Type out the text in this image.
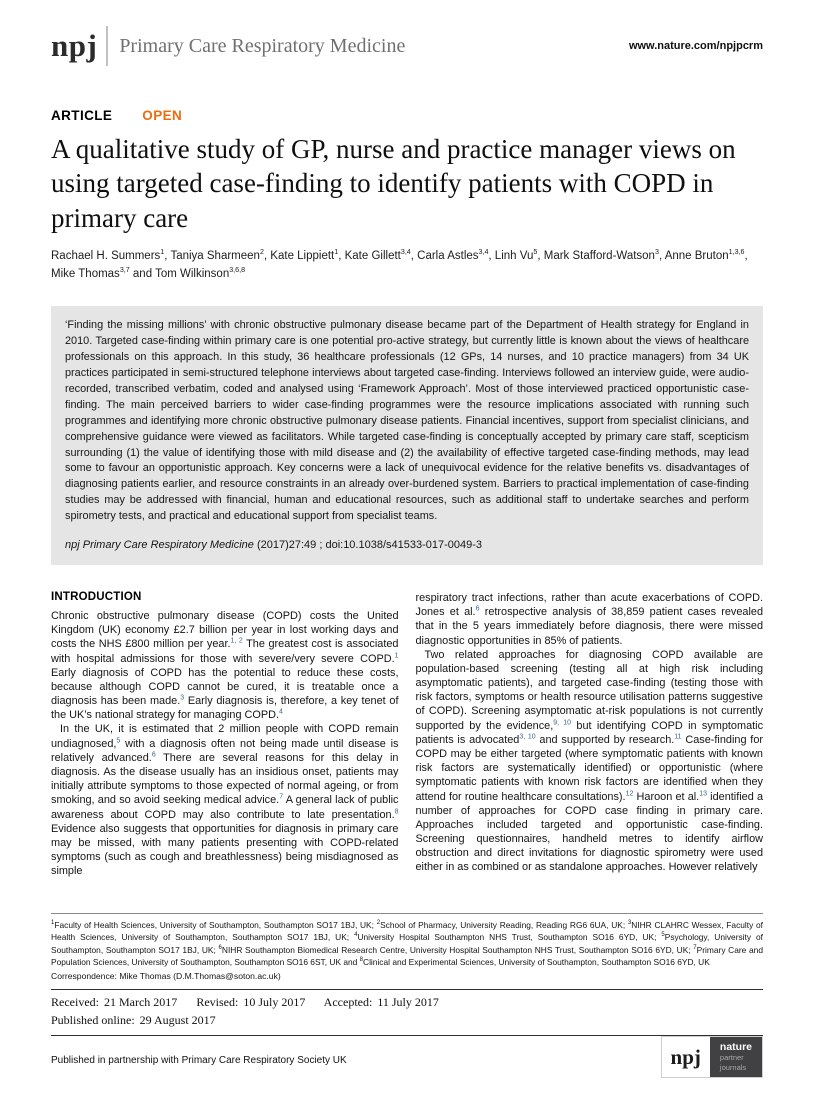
npj Primary Care Respiratory Medicine	www.nature.com/npjpcrm
ARTICLE OPEN
A qualitative study of GP, nurse and practice manager views on using targeted case-finding to identify patients with COPD in primary care
Rachael H. Summers$^1$, Taniya Sharmeen$^2$, Kate Lippiett$^1$, Kate Gillett$^{3,4}$, Carla Astles$^{3,4}$, Linh Vu$^5$, Mark Stafford-Watson$^3$, Anne Bruton$^{1,3,6}$, Mike Thomas$^{3,7}$ and Tom Wilkinson$^{3,6,8}$

‘Finding the missing millions’ with chronic obstructive pulmonary disease became part of the Department of Health strategy for England in 2010. Targeted case-finding within primary care is one potential pro-active strategy, but currently little is known about the views of healthcare professionals on this approach. In this study, 36 healthcare professionals (12 GPs, 14 nurses, and 10 practice managers) from 34 UK practices participated in semi-structured telephone interviews about targeted case-finding. Interviews followed an interview guide, were audio-recorded, transcribed verbatim, coded and analysed using ‘Framework Approach’. Most of those interviewed practiced opportunistic case-finding. The main perceived barriers to wider case-finding programmes were the resource implications associated with running such programmes and identifying more chronic obstructive pulmonary disease patients. Financial incentives, support from specialist clinicians, and comprehensive guidance were viewed as facilitators. While targeted case-finding is conceptually accepted by primary care staff, scepticism surrounding (1) the value of identifying those with mild disease and (2) the availability of effective targeted case-finding methods, may lead some to favour an opportunistic approach. Key concerns were a lack of unequivocal evidence for the relative benefits vs. disadvantages of diagnosing patients earlier, and resource constraints in an already over-burdened system. Barriers to practical implementation of case-finding studies may be addressed with financial, human and educational resources, such as additional staff to undertake searches and perform spirometry tests, and practical and educational support from specialist teams.

npj Primary Care Respiratory Medicine (2017)27:49 ; doi:10.1038/s41533-017-0049-3
INTRODUCTION

Chronic obstructive pulmonary disease (COPD) costs the United Kingdom (UK) economy £2.7 billion per year in lost working days and costs the NHS £800 million per year.$^{1, 2}$ The greatest cost is associated with hospital admissions for those with severe/very severe COPD.$^1$ Early diagnosis of COPD has the potential to reduce these costs, because although COPD cannot be cured, it is treatable once a diagnosis has been made.$^3$ Early diagnosis is, therefore, a key tenet of the UK’s national strategy for managing COPD.$^4$

In the UK, it is estimated that 2 million people with COPD remain undiagnosed,$^5$ with a diagnosis often not being made until disease is relatively advanced.$^6$ There are several reasons for this delay in diagnosis. As the disease usually has an insidious onset, patients may initially attribute symptoms to those expected of normal ageing, or from smoking, and so avoid seeking medical advice.$^7$ A general lack of public awareness about COPD may also contribute to late presentation.$^8$ Evidence also suggests that opportunities for diagnosis in primary care may be missed, with many patients presenting with COPD-related symptoms (such as cough and breathlessness) being misdiagnosed as simple

respiratory tract infections, rather than acute exacerbations of COPD. Jones et al.$^6$ retrospective analysis of 38,859 patient cases revealed that in the 5 years immediately before diagnosis, there were missed diagnostic opportunities in 85% of patients.

Two related approaches for diagnosing COPD available are population-based screening (testing all at high risk including asymptomatic patients), and targeted case-finding (testing those with risk factors, symptoms or health resource utilisation patterns suggestive of COPD). Screening asymptomatic at-risk populations is not currently supported by the evidence,$^{9, 10}$ but identifying COPD in symptomatic patients is advocated$^{3, 10}$ and supported by research.$^{11}$ Case-finding for COPD may be either targeted (where symptomatic patients with known risk factors are systematically identified) or opportunistic (where symptomatic patients with known risk factors are identified when they attend for routine healthcare consultations).$^{12}$ Haroon et al.$^{13}$ identified a number of approaches for COPD case finding in primary care. Approaches included targeted and opportunistic case-finding. Screening questionnaires, handheld metres to identify airflow obstruction and direct invitations for diagnostic spirometry were used either in as combined or as standalone approaches. However relatively

$^1$Faculty of Health Sciences, University of Southampton, Southampton SO17 1BJ, UK; $^2$School of Pharmacy, University Reading, Reading RG6 6UA, UK; $^3$NIHR CLAHRC Wessex, Faculty of Health Sciences, University of Southampton, Southampton SO17 1BJ, UK; $^4$University Hospital Southampton NHS Trust, Southampton SO16 6YD, UK; $^5$Psychology, University of Southampton, Southampton SO17 1BJ, UK; $^6$NIHR Southampton Biomedical Research Centre, University Hospital Southampton NHS Trust, Southampton SO16 6YD, UK; $^7$Primary Care and Population Sciences, University of Southampton, Southampton SO16 6ST, UK and $^8$Clinical and Experimental Sciences, University of Southampton, Southampton SO16 6YD, UK

Correspondence: Mike Thomas (D.M.Thomas@soton.ac.uk)
Received: 21 March 2017 Revised: 10 July 2017 Accepted: 11 July 2017
Published online: 29 August 2017
Published in partnership with Primary Care Respiratory Society UK	npj	nature
partner
journals
